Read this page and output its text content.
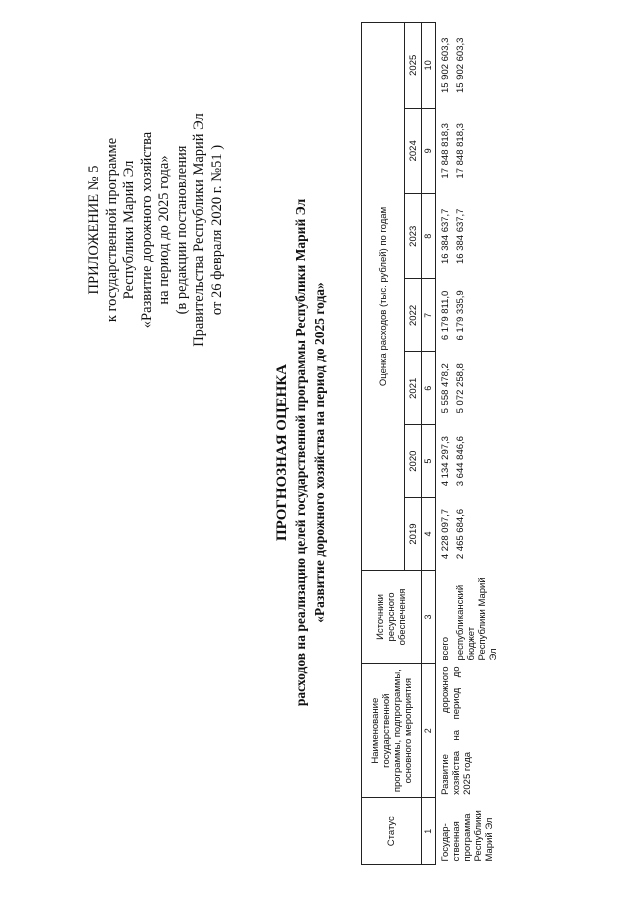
ПРИЛОЖЕНИЕ № 5 к государственной программе Республики Марий Эл «Развитие дорожного хозяйства на период до 2025 года» (в редакции постановления Правительства Республики Марий Эл от 26 февраля 2020 г. №51 )
ПРОГНОЗНАЯ ОЦЕНКА расходов на реализацию целей государственной программы Республики Марий Эл «Развитие дорожного хозяйства на период до 2025 года»
Статус	Наименование государственной программы, подпрограммы, основного мероприятия	Источники ресурсного обеспечения	Оценка расходов (тыс. рублей) по годам						
			2019	2020	2021	2022	2023	2024	2025
1	2	3	4	5	6	7	8	9	10
Государ-ственная программа Республики Марий Эл	Развитие дорожного хозяйства на период до 2025 года	всего	4 228 097,7	4 134 297,3	5 558 478,2	6 179 811,0	16 384 637,7	17 848 818,3	15 902 603,3
		республиканский бюджет Республики Марий Эл	2 465 684,6	3 644 846,6	5 072 258,8	6 179 335,9	16 384 637,7	17 848 818,3	15 902 603,3
